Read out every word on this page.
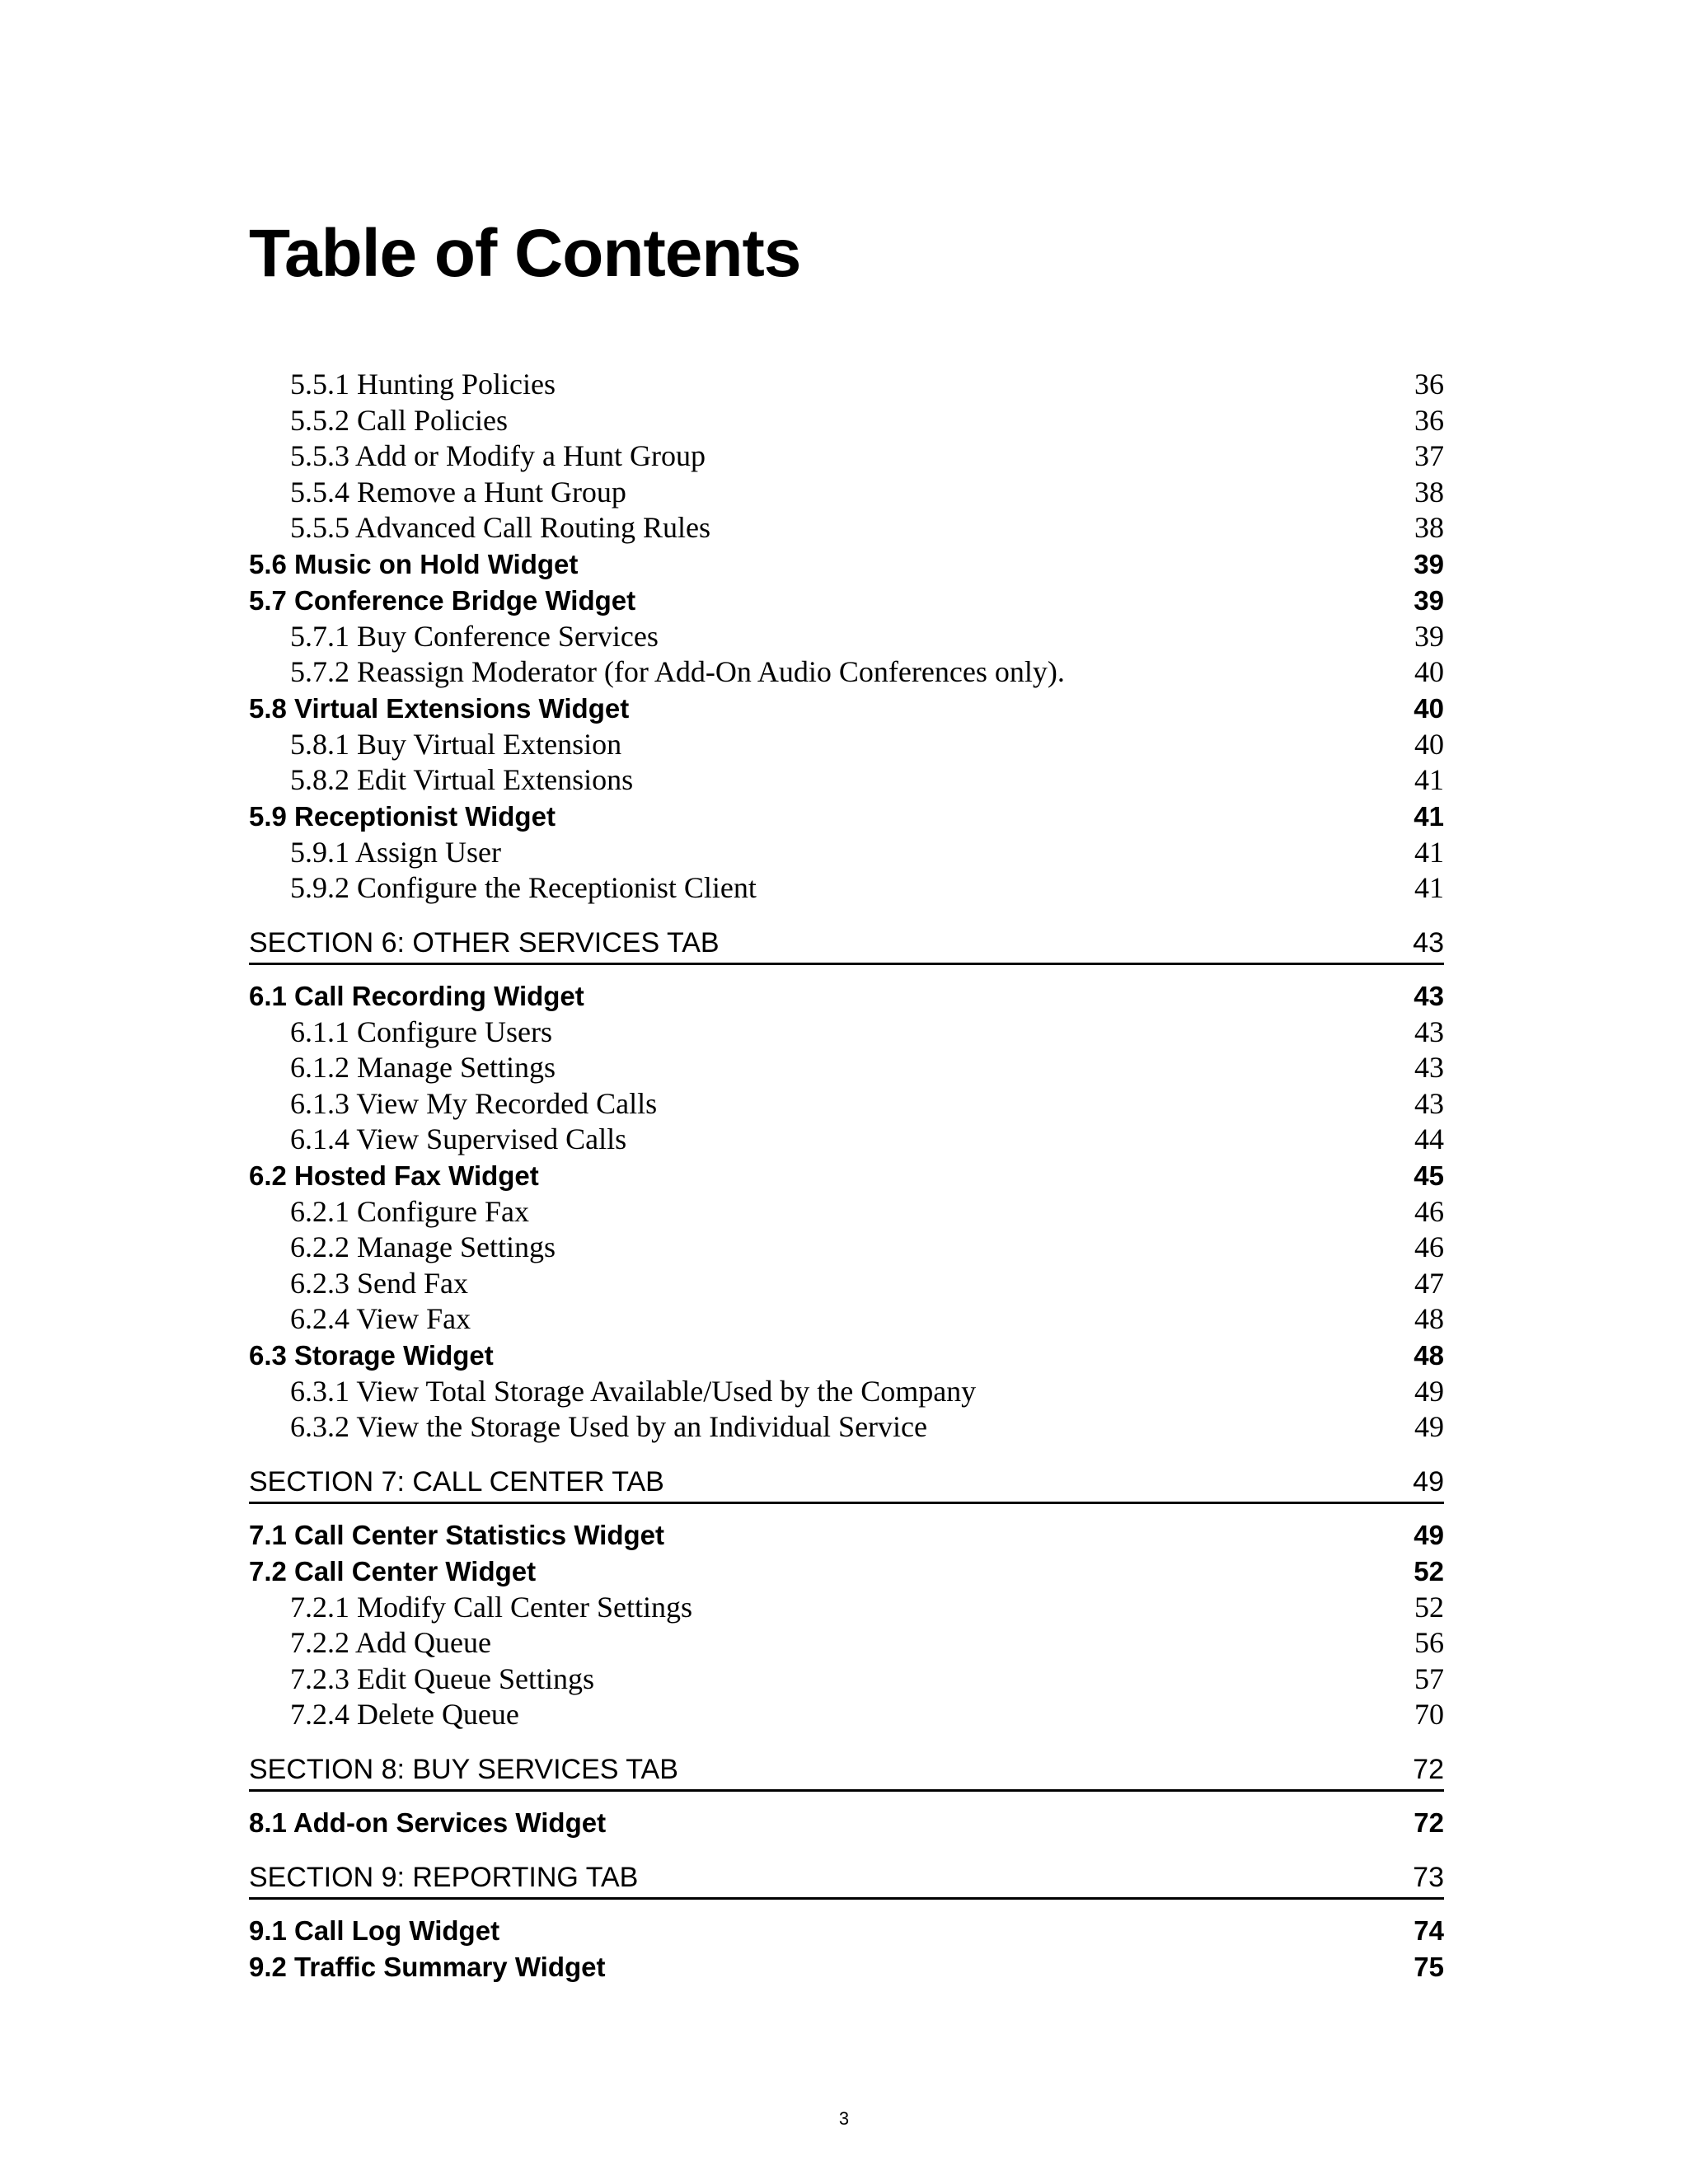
Table of Contents
5.5.1 Hunting Policies	36
5.5.2 Call Policies	36
5.5.3 Add or Modify a Hunt Group	37
5.5.4 Remove a Hunt Group	38
5.5.5 Advanced Call Routing Rules	38
5.6 Music on Hold Widget	39
5.7 Conference Bridge Widget	39
5.7.1 Buy Conference Services	39
5.7.2 Reassign Moderator (for Add-On Audio Conferences only).	40
5.8 Virtual Extensions Widget	40
5.8.1 Buy Virtual Extension	40
5.8.2 Edit Virtual Extensions	41
5.9 Receptionist Widget	41
5.9.1 Assign User	41
5.9.2 Configure the Receptionist Client	41
SECTION 6: OTHER SERVICES TAB	43
6.1 Call Recording Widget	43
6.1.1 Configure Users	43
6.1.2 Manage Settings	43
6.1.3 View My Recorded Calls	43
6.1.4 View Supervised Calls	44
6.2 Hosted Fax Widget	45
6.2.1 Configure Fax	46
6.2.2 Manage Settings	46
6.2.3 Send Fax	47
6.2.4 View Fax	48
6.3 Storage Widget	48
6.3.1 View Total Storage Available/Used by the Company	49
6.3.2 View the Storage Used by an Individual Service	49
SECTION 7: CALL CENTER TAB	49
7.1 Call Center Statistics Widget	49
7.2 Call Center Widget	52
7.2.1 Modify Call Center Settings	52
7.2.2 Add Queue	56
7.2.3 Edit Queue Settings	57
7.2.4 Delete Queue	70
SECTION 8: BUY SERVICES TAB	72
8.1 Add-on Services Widget	72
SECTION 9: REPORTING TAB	73
9.1 Call Log Widget	74
9.2 Traffic Summary Widget	75
3
